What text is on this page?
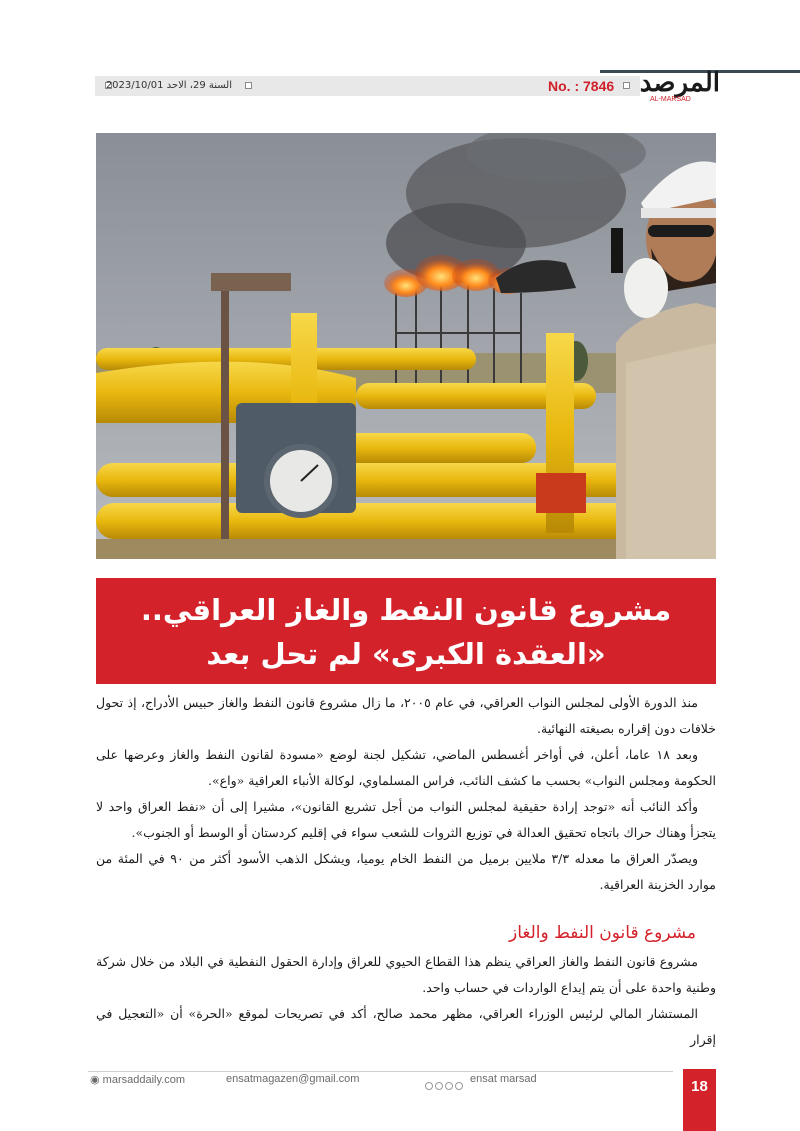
السنة 29، الاحد 2023/10/01	No. : 7846 المرصد
AL-MARSAD
مشروع قانون النفط والغاز العراقي..
«العقدة الكبرى» لم تحل بعد

منذ الدورة الأولى لمجلس النواب العراقي، في عام ٢٠٠٥، ما زال مشروع قانون النفط والغاز حبيس الأدراج، إذ تحول خلافات دون إقراره بصيغته النهائية.

وبعد ١٨ عاما، أعلن، في أواخر أغسطس الماضي، تشكيل لجنة لوضع «مسودة لقانون النفط والغاز وعرضها على الحكومة ومجلس النواب» بحسب ما كشف النائب، فراس المسلماوي، لوكالة الأنباء العراقية «واع».

وأكد النائب أنه «توجد إرادة حقيقية لمجلس النواب من أجل تشريع القانون»، مشيرا إلى أن «نفط العراق واحد لا يتجزأ وهناك حراك باتجاه تحقيق العدالة في توزيع الثروات للشعب سواء في إقليم كردستان أو الوسط أو الجنوب».

ويصدّر العراق ما معدله ٣/٣ ملايين برميل من النفط الخام يوميا، ويشكل الذهب الأسود أكثر من ٩٠ في المئة من موارد الخزينة العراقية.

مشروع قانون النفط والغاز

مشروع قانون النفط والغاز العراقي ينظم هذا القطاع الحيوي للعراق وإدارة الحقول النفطية في البلاد من خلال شركة وطنية واحدة على أن يتم إيداع الواردات في حساب واحد.

المستشار المالي لرئيس الوزراء العراقي، مظهر محمد صالح، أكد في تصريحات لموقع «الحرة» أن «التعجيل في إقرار

◉ marsaddaily.com	ensatmagazen@gmail.com	ensat marsad	18
